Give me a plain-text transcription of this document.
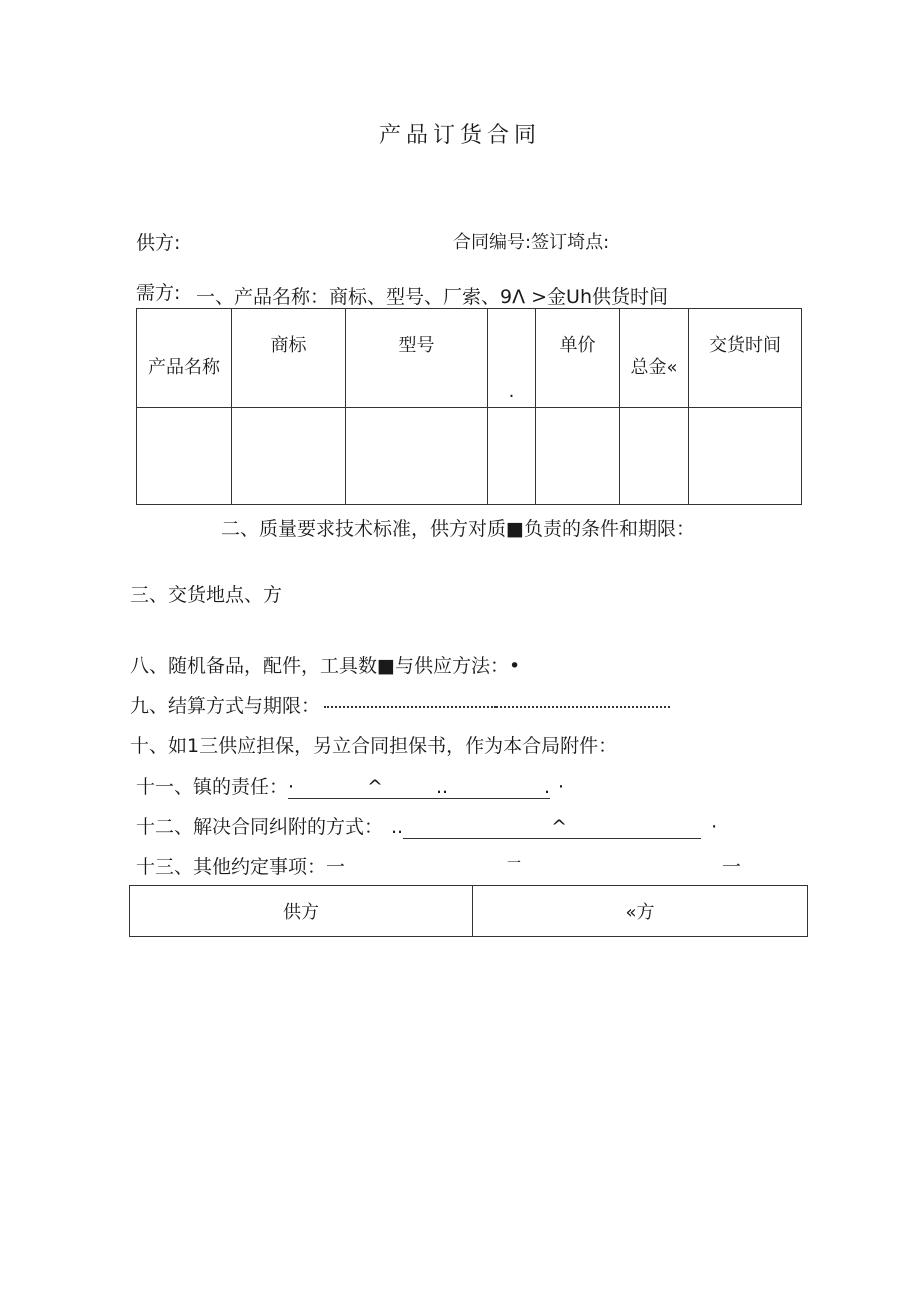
产品订货合同
供方:	合同编号:签订埼点:
需方: 一、产品名称：商标、型号、厂索、9Λ >金Uh供货时间
产品名称	商标	型号	.	单价	总金«	交货时间

二、质量要求技术标准，供方对质■负责的条件和期限：
三、交货地点、方
八、随机备品，配件，工具数■与供应方法：•
九、结算方式与期限：
十、如1三供应担保，另立合同担保书，作为本合局附件：
十一、镇的责任： ·	^	..	. ·
十二、解决合同纠附的方式： ..	^	·
十三、其他约定事项：一	一	一
供方	«方
